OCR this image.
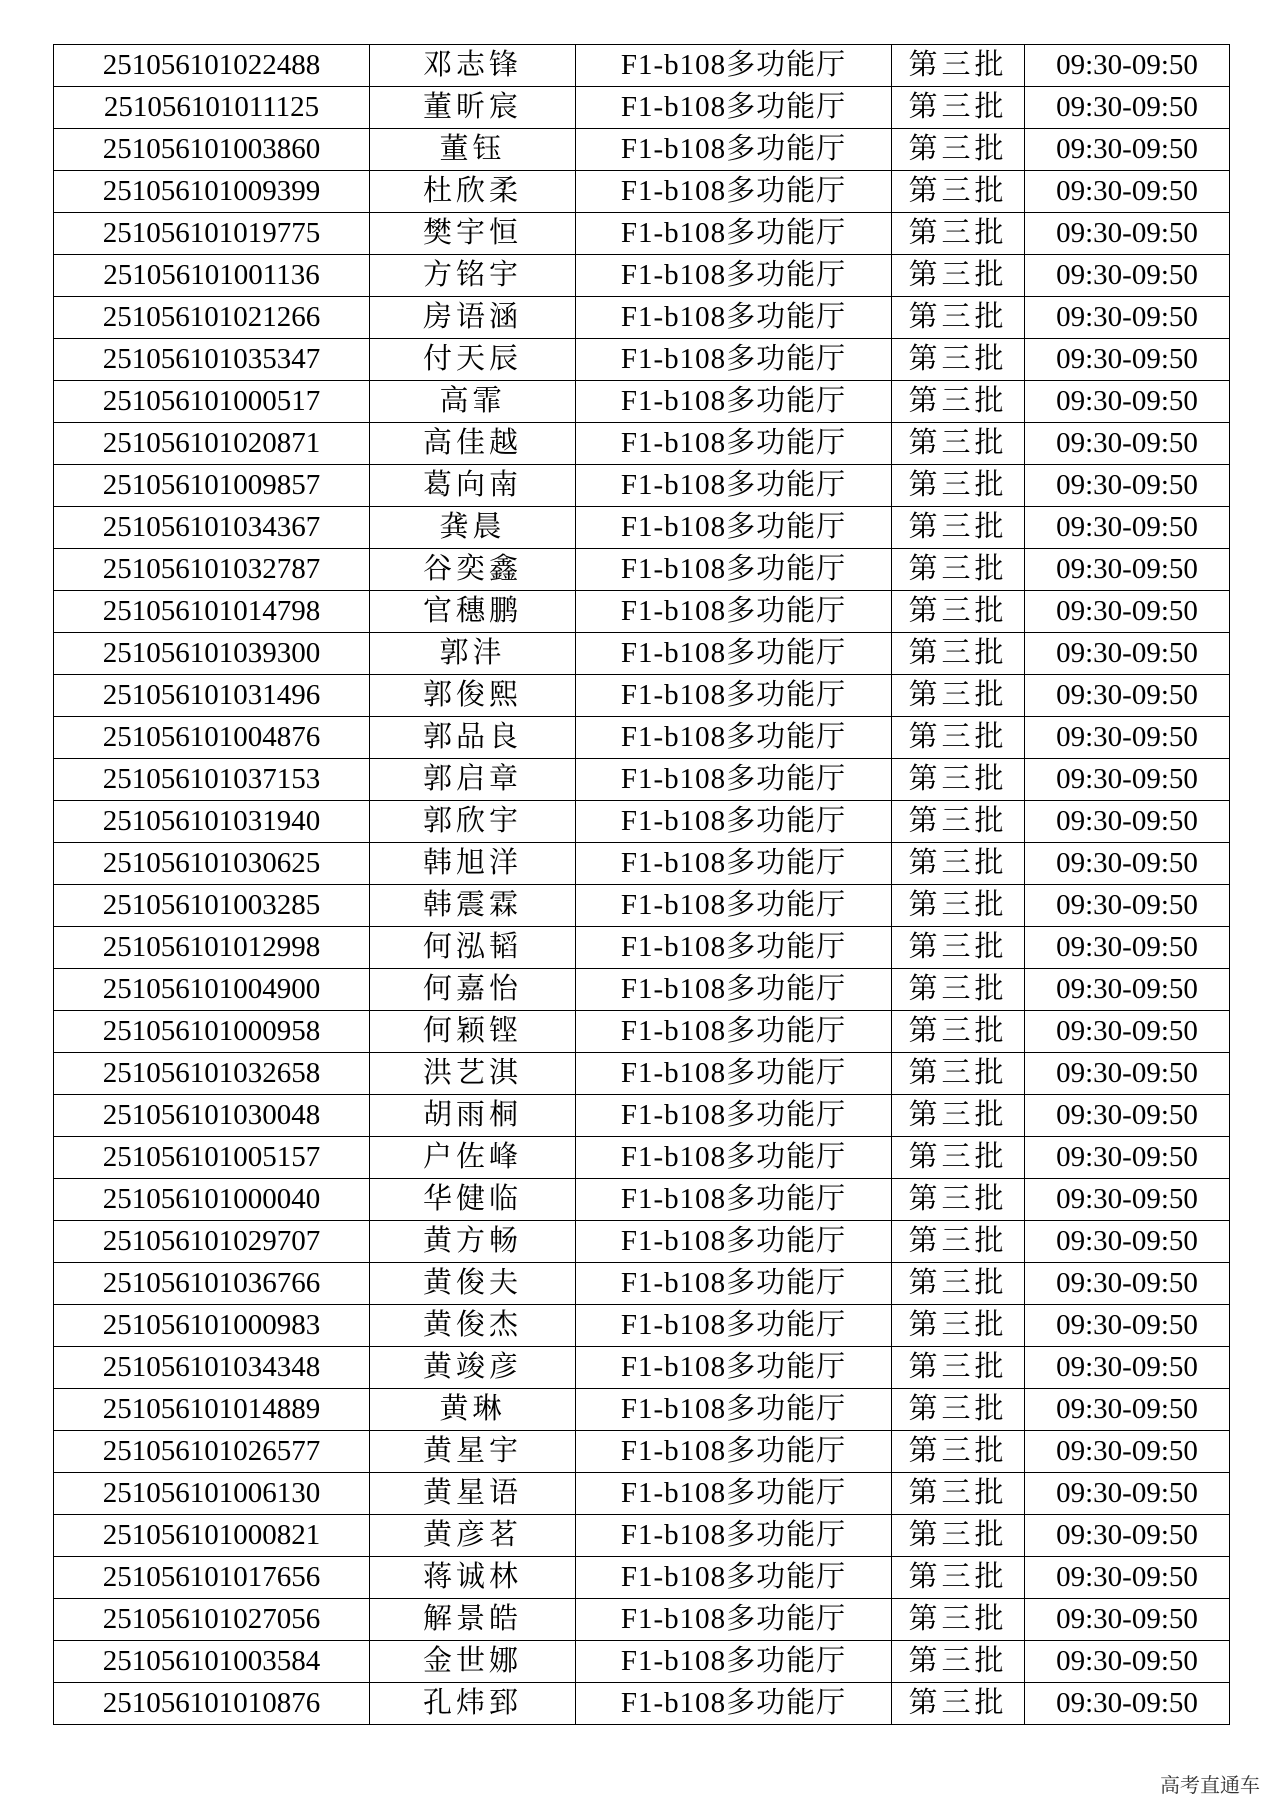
251056101022488	邓志锋	F1-b108多功能厅	第三批	09:30-09:50
251056101011125	董昕宸	F1-b108多功能厅	第三批	09:30-09:50
251056101003860	董钰	F1-b108多功能厅	第三批	09:30-09:50
251056101009399	杜欣柔	F1-b108多功能厅	第三批	09:30-09:50
251056101019775	樊宇恒	F1-b108多功能厅	第三批	09:30-09:50
251056101001136	方铭宇	F1-b108多功能厅	第三批	09:30-09:50
251056101021266	房语涵	F1-b108多功能厅	第三批	09:30-09:50
251056101035347	付天辰	F1-b108多功能厅	第三批	09:30-09:50
251056101000517	高霏	F1-b108多功能厅	第三批	09:30-09:50
251056101020871	高佳越	F1-b108多功能厅	第三批	09:30-09:50
251056101009857	葛向南	F1-b108多功能厅	第三批	09:30-09:50
251056101034367	龚晨	F1-b108多功能厅	第三批	09:30-09:50
251056101032787	谷奕鑫	F1-b108多功能厅	第三批	09:30-09:50
251056101014798	官穗鹏	F1-b108多功能厅	第三批	09:30-09:50
251056101039300	郭沣	F1-b108多功能厅	第三批	09:30-09:50
251056101031496	郭俊熙	F1-b108多功能厅	第三批	09:30-09:50
251056101004876	郭品良	F1-b108多功能厅	第三批	09:30-09:50
251056101037153	郭启章	F1-b108多功能厅	第三批	09:30-09:50
251056101031940	郭欣宇	F1-b108多功能厅	第三批	09:30-09:50
251056101030625	韩旭洋	F1-b108多功能厅	第三批	09:30-09:50
251056101003285	韩震霖	F1-b108多功能厅	第三批	09:30-09:50
251056101012998	何泓韬	F1-b108多功能厅	第三批	09:30-09:50
251056101004900	何嘉怡	F1-b108多功能厅	第三批	09:30-09:50
251056101000958	何颖铿	F1-b108多功能厅	第三批	09:30-09:50
251056101032658	洪艺淇	F1-b108多功能厅	第三批	09:30-09:50
251056101030048	胡雨桐	F1-b108多功能厅	第三批	09:30-09:50
251056101005157	户佐峰	F1-b108多功能厅	第三批	09:30-09:50
251056101000040	华健临	F1-b108多功能厅	第三批	09:30-09:50
251056101029707	黄方畅	F1-b108多功能厅	第三批	09:30-09:50
251056101036766	黄俊夫	F1-b108多功能厅	第三批	09:30-09:50
251056101000983	黄俊杰	F1-b108多功能厅	第三批	09:30-09:50
251056101034348	黄竣彦	F1-b108多功能厅	第三批	09:30-09:50
251056101014889	黄琳	F1-b108多功能厅	第三批	09:30-09:50
251056101026577	黄星宇	F1-b108多功能厅	第三批	09:30-09:50
251056101006130	黄星语	F1-b108多功能厅	第三批	09:30-09:50
251056101000821	黄彦茗	F1-b108多功能厅	第三批	09:30-09:50
251056101017656	蒋诚林	F1-b108多功能厅	第三批	09:30-09:50
251056101027056	解景皓	F1-b108多功能厅	第三批	09:30-09:50
251056101003584	金世娜	F1-b108多功能厅	第三批	09:30-09:50
251056101010876	孔炜郅	F1-b108多功能厅	第三批	09:30-09:50
高考直通车
